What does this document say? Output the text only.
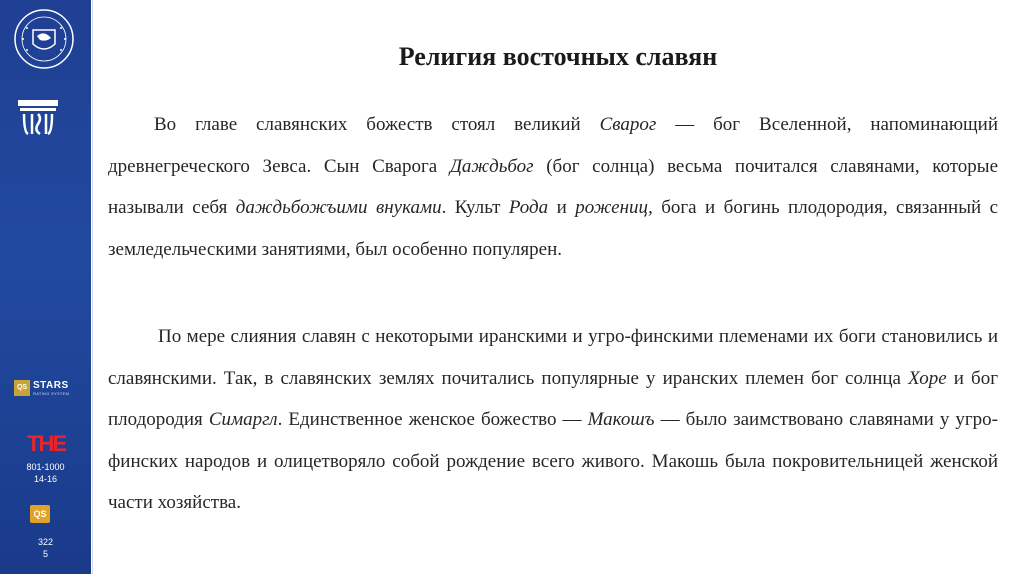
QS STARS
RATING SYSTEM
THE
801-1000
14-16
QS
322
5
Религия восточных славян

Во главе славянских божеств стоял великий Сварог — бог Вселенной, напоминающий древнегреческого Зевса. Сын Сварога Даждьбог (бог солнца) весьма почитался славянами, которые называли себя даждьбожъими внуками. Культ Рода и рожениц, бога и богинь плодородия, связанный с земледельческими занятиями, был особенно популярен.

По мере слияния славян с некоторыми иранскими и угро-финскими племенами их боги становились и славянскими. Так, в славянских землях почитались популярные у иранских племен бог солнца Хоре и бог плодородия Симаргл. Единственное женское божество — Макошъ — было заимствовано славянами у угро-финских народов и олицетворяло собой рождение всего живого. Макошь была покровительницей женской части хозяйства.
